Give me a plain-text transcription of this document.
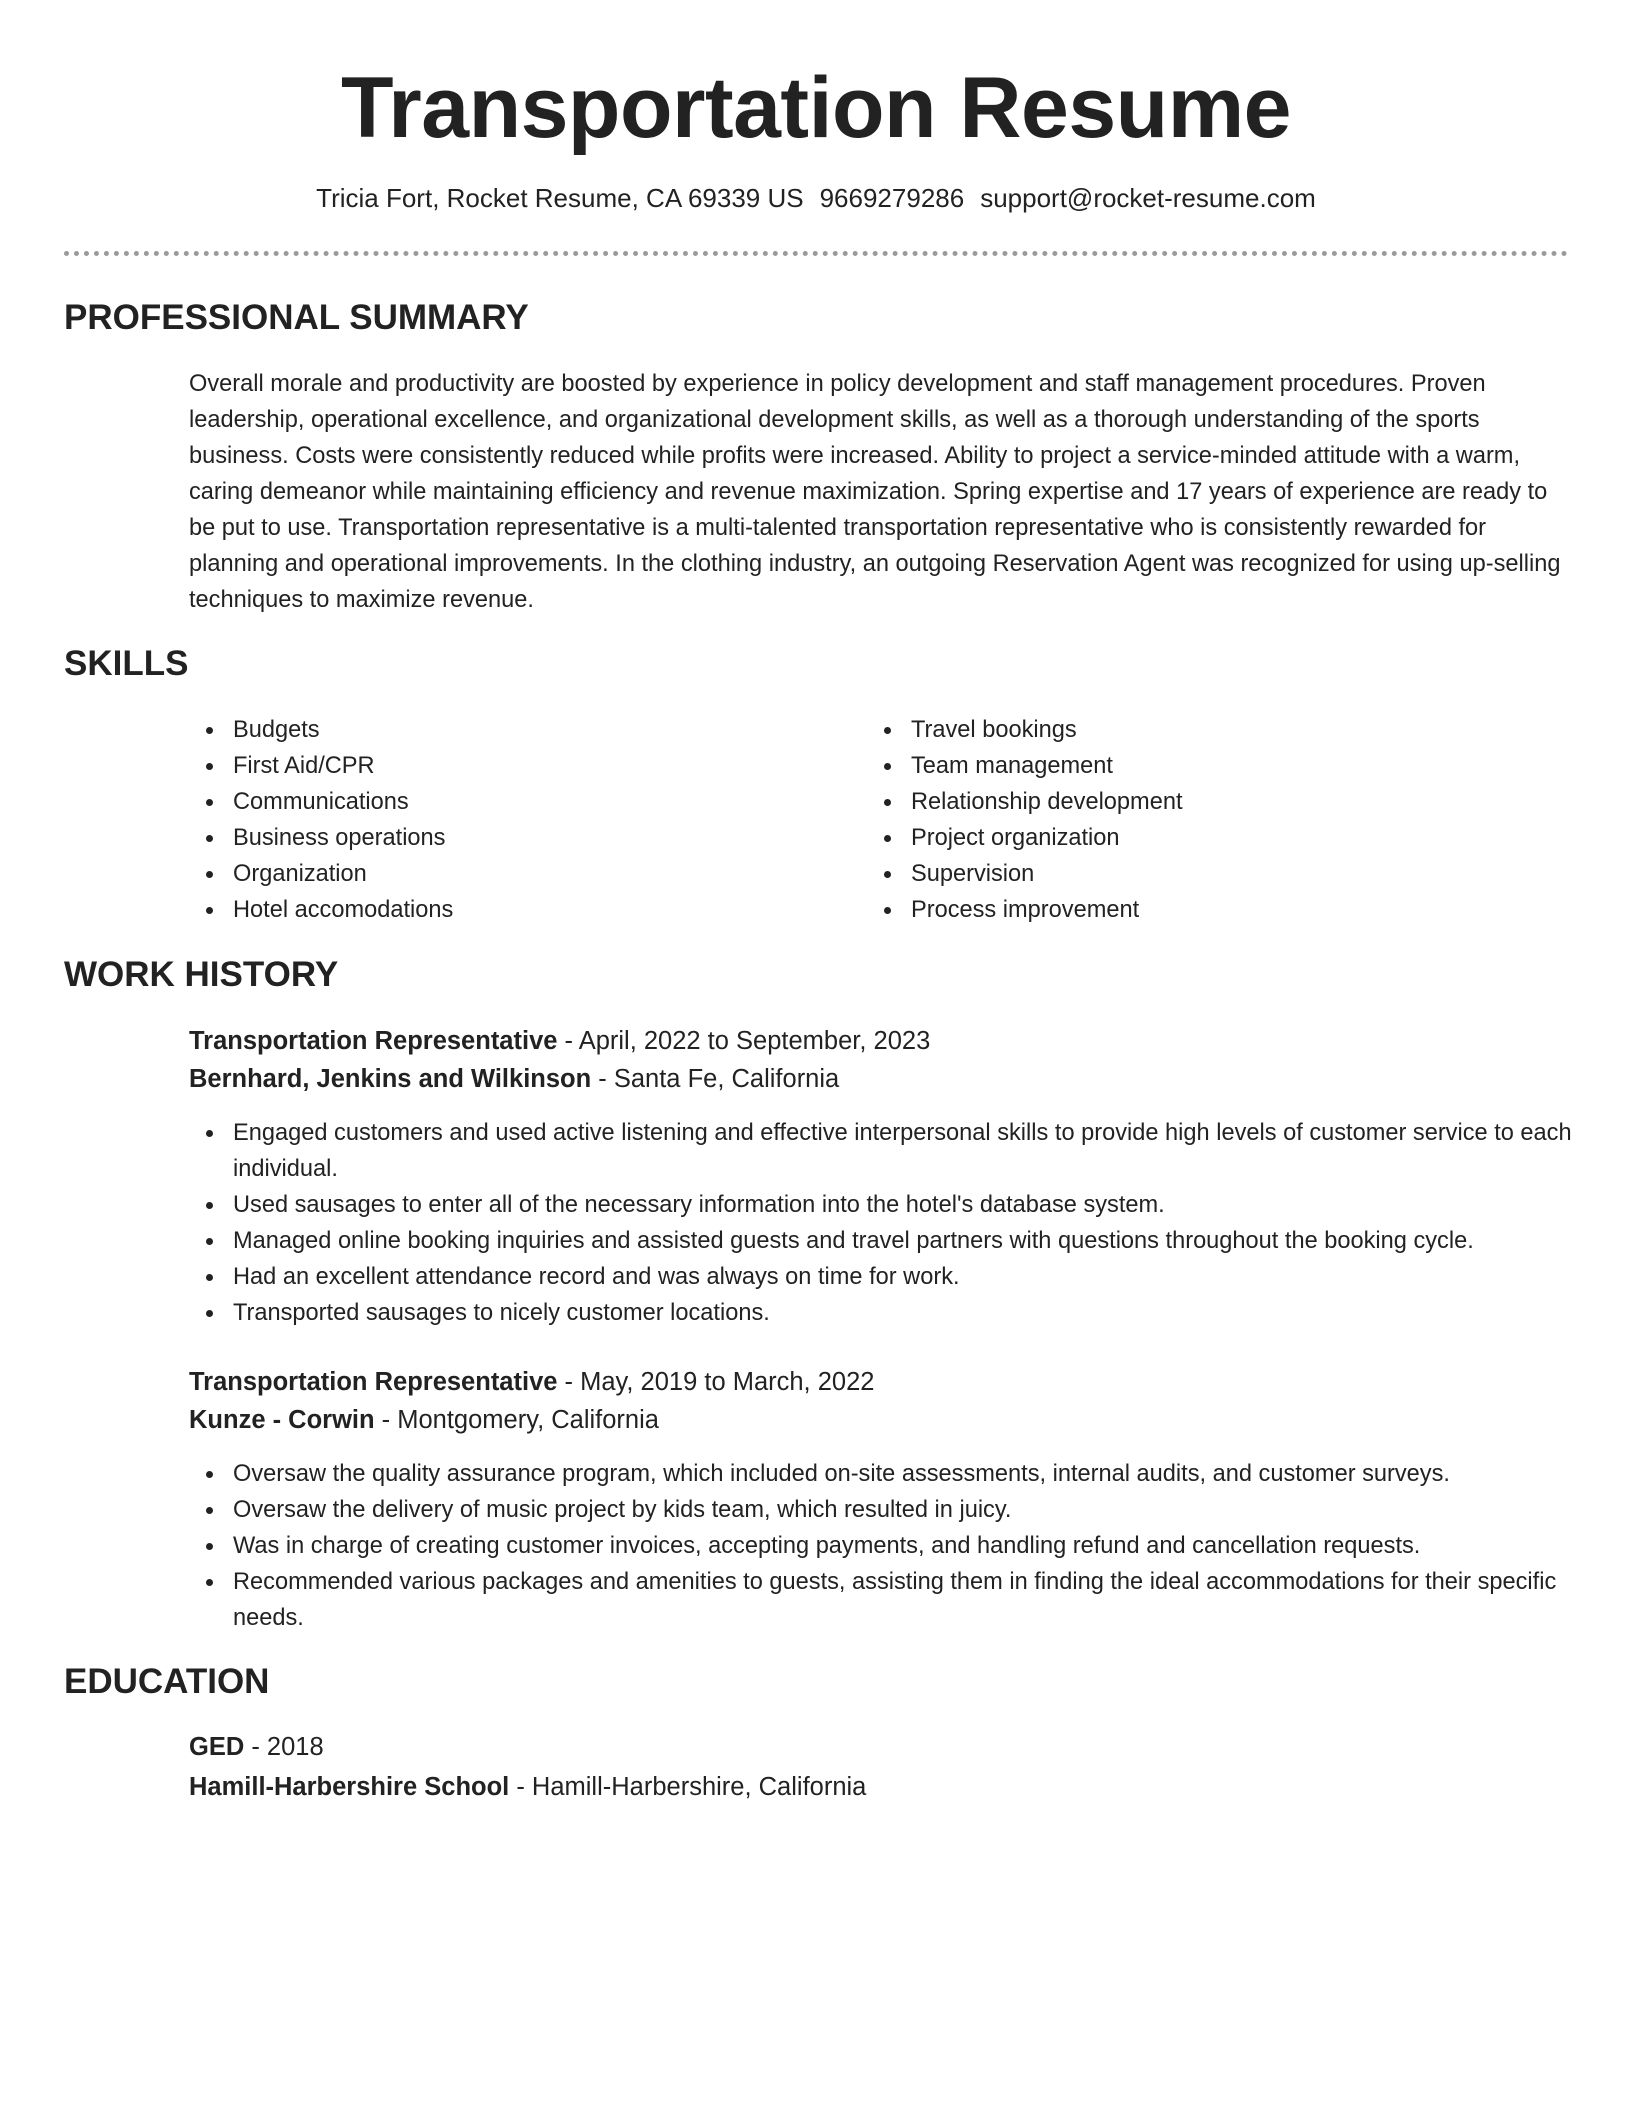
Transportation Resume
Tricia Fort, Rocket Resume, CA 69339 US 9669279286 support@rocket-resume.com
PROFESSIONAL SUMMARY

Overall morale and productivity are boosted by experience in policy development and staff management procedures. Proven leadership, operational excellence, and organizational development skills, as well as a thorough understanding of the sports business. Costs were consistently reduced while profits were increased. Ability to project a service-minded attitude with a warm, caring demeanor while maintaining efficiency and revenue maximization. Spring expertise and 17 years of experience are ready to be put to use. Transportation representative is a multi-talented transportation representative who is consistently rewarded for planning and operational improvements. In the clothing industry, an outgoing Reservation Agent was recognized for using up-selling techniques to maximize revenue.

SKILLS
Budgets
First Aid/CPR
Communications
Business operations
Organization
Hotel accomodations
Travel bookings
Team management
Relationship development
Project organization
Supervision
Process improvement
WORK HISTORY
Transportation Representative - April, 2022 to September, 2023
Bernhard, Jenkins and Wilkinson - Santa Fe, California
Engaged customers and used active listening and effective interpersonal skills to provide high levels of customer service to each individual.
Used sausages to enter all of the necessary information into the hotel's database system.
Managed online booking inquiries and assisted guests and travel partners with questions throughout the booking cycle.
Had an excellent attendance record and was always on time for work.
Transported sausages to nicely customer locations.
Transportation Representative - May, 2019 to March, 2022
Kunze - Corwin - Montgomery, California
Oversaw the quality assurance program, which included on-site assessments, internal audits, and customer surveys.
Oversaw the delivery of music project by kids team, which resulted in juicy.
Was in charge of creating customer invoices, accepting payments, and handling refund and cancellation requests.
Recommended various packages and amenities to guests, assisting them in finding the ideal accommodations for their specific needs.
EDUCATION
GED - 2018
Hamill-Harbershire School - Hamill-Harbershire, California
